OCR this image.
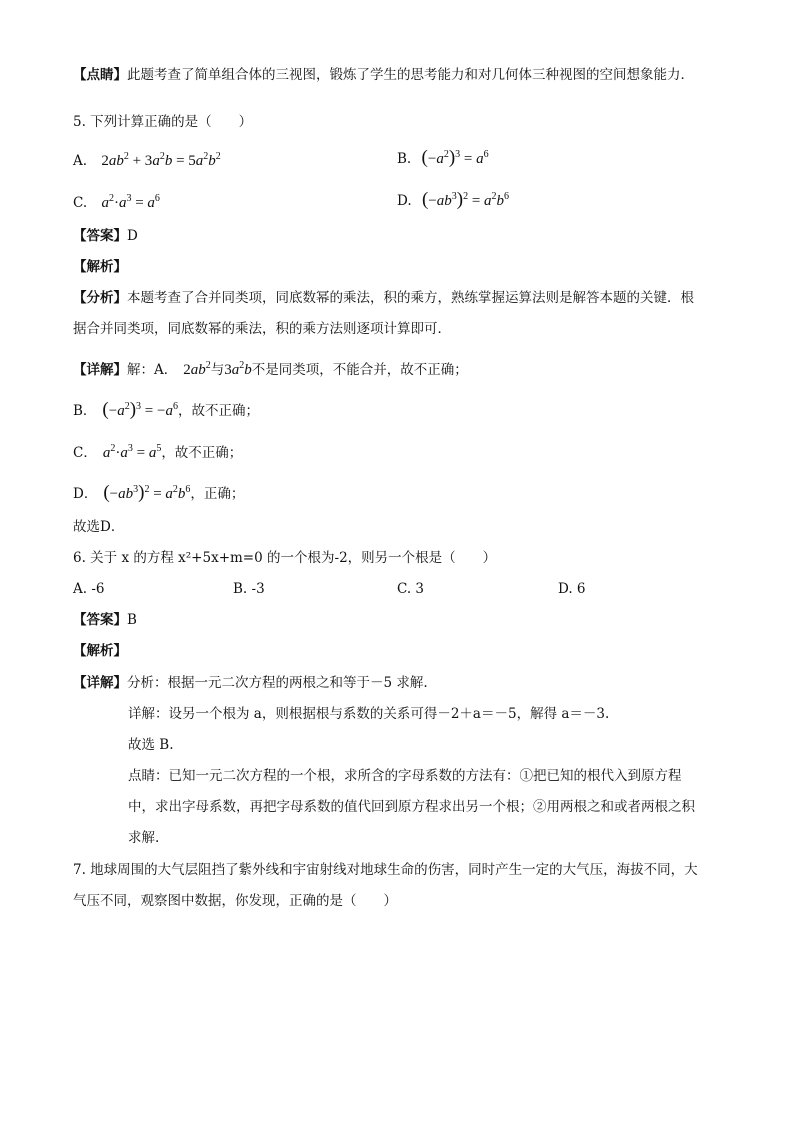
【点睛】此题考查了简单组合体的三视图，锻炼了学生的思考能力和对几何体三种视图的空间想象能力．
5. 下列计算正确的是（　　）
A. $2ab^2 + 3a^2b = 5a^2b^2$	B. $(-a^2)^3 = a^6$
C. $a^2\cdot a^3 = a^6$	D. $(-ab^3)^2 = a^2b^6$
【答案】D
【解析】
【分析】本题考查了合并同类项，同底数幂的乘法，积的乘方，熟练掌握运算法则是解答本题的关键．根
据合并同类项，同底数幂的乘法，积的乘方法则逐项计算即可．
【详解】解：A． $2ab^2$与$3a^2b$不是同类项，不能合并，故不正确；
B． $(-a^2)^3 = -a^6$，故不正确；
C． $a^2\cdot a^3 = a^5$，故不正确；
D． $(-ab^3)^2 = a^2b^6$，正确；
故选D．
6. 关于 x 的方程 x²+5x+m=0 的一个根为-2，则另一个根是（　　）
A. -6	B. -3	C. 3	D. 6
【答案】B
【解析】
【详解】分析：根据一元二次方程的两根之和等于－5 求解.
详解：设另一个根为 a，则根据根与系数的关系可得－2＋a＝－5，解得 a＝－3.
故选 B.
点睛：已知一元二次方程的一个根，求所含的字母系数的方法有：①把已知的根代入到原方程
中，求出字母系数，再把字母系数的值代回到原方程求出另一个根；②用两根之和或者两根之积
求解.
7. 地球周围的大气层阻挡了紫外线和宇宙射线对地球生命的伤害，同时产生一定的大气压，海拔不同，大
气压不同，观察图中数据，你发现，正确的是（　　）
